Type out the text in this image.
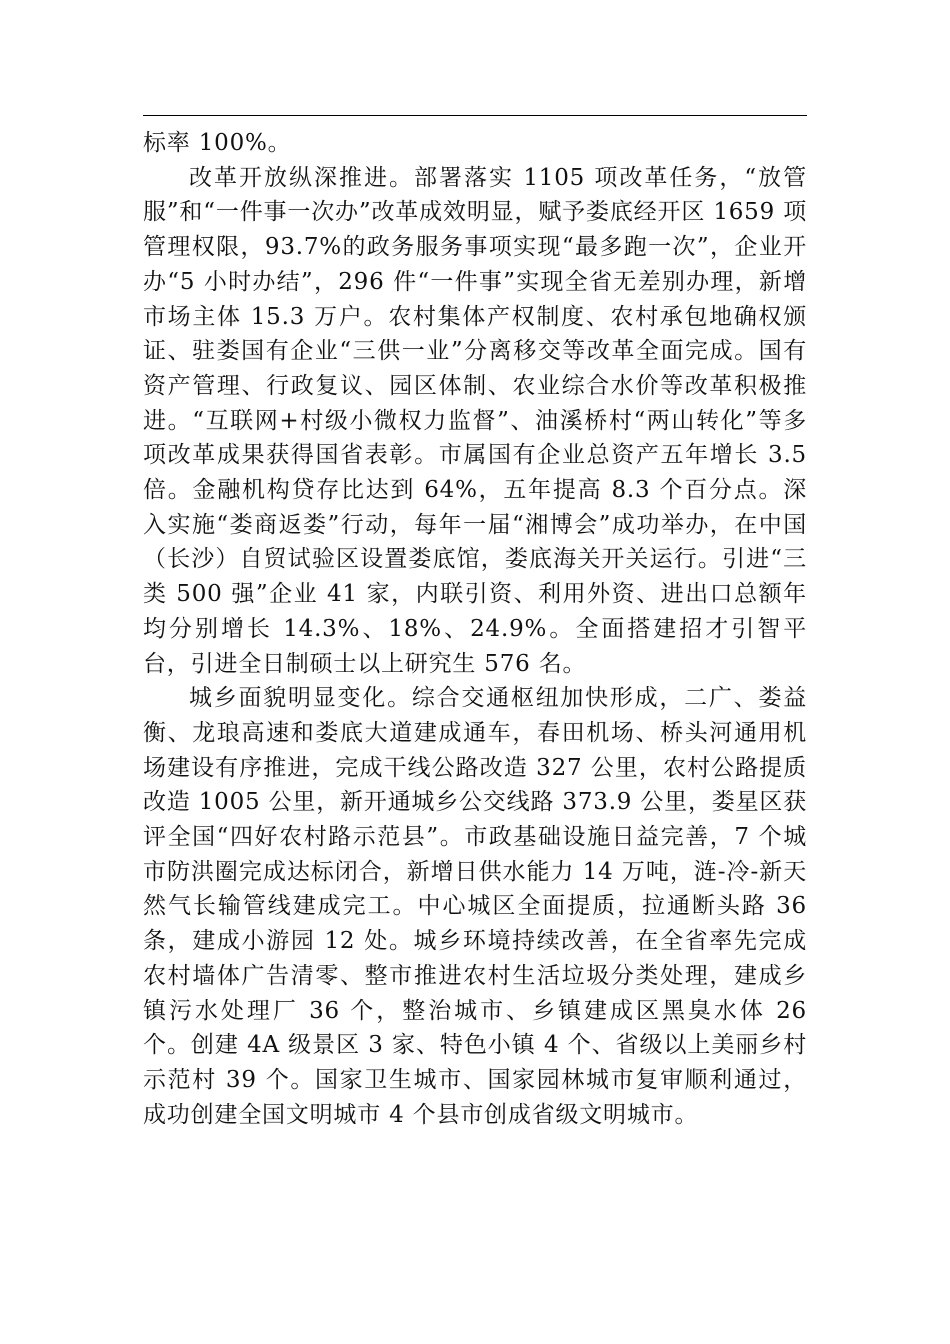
标率 100%。

改革开放纵深推进。部署落实 1105 项改革任务，“放管服”和“一件事一次办”改革成效明显，赋予娄底经开区 1659 项管理权限，93.7%的政务服务事项实现“最多跑一次”，企业开办“5 小时办结”，296 件“一件事”实现全省无差别办理，新增市场主体 15.3 万户。农村集体产权制度、农村承包地确权颁证、驻娄国有企业“三供一业”分离移交等改革全面完成。国有资产管理、行政复议、园区体制、农业综合水价等改革积极推进。“互联网+村级小微权力监督”、油溪桥村“两山转化”等多项改革成果获得国省表彰。市属国有企业总资产五年增长 3.5 倍。金融机构贷存比达到 64%，五年提高 8.3 个百分点。深入实施“娄商返娄”行动，每年一届“湘博会”成功举办，在中国（长沙）自贸试验区设置娄底馆，娄底海关开关运行。引进“三类 500 强”企业 41 家，内联引资、利用外资、进出口总额年均分别增长 14.3%、18%、24.9%。全面搭建招才引智平台，引进全日制硕士以上研究生 576 名。

城乡面貌明显变化。综合交通枢纽加快形成，二广、娄益衡、龙琅高速和娄底大道建成通车，春田机场、桥头河通用机场建设有序推进，完成干线公路改造 327 公里，农村公路提质改造 1005 公里，新开通城乡公交线路 373.9 公里，娄星区获评全国“四好农村路示范县”。市政基础设施日益完善，7 个城市防洪圈完成达标闭合，新增日供水能力 14 万吨，涟-冷-新天然气长输管线建成完工。中心城区全面提质，拉通断头路 36 条，建成小游园 12 处。城乡环境持续改善，在全省率先完成农村墙体广告清零、整市推进农村生活垃圾分类处理，建成乡镇污水处理厂 36 个，整治城市、乡镇建成区黑臭水体 26 个。创建 4A 级景区 3 家、特色小镇 4 个、省级以上美丽乡村示范村 39 个。国家卫生城市、国家园林城市复审顺利通过，成功创建全国文明城市 4 个县市创成省级文明城市。
